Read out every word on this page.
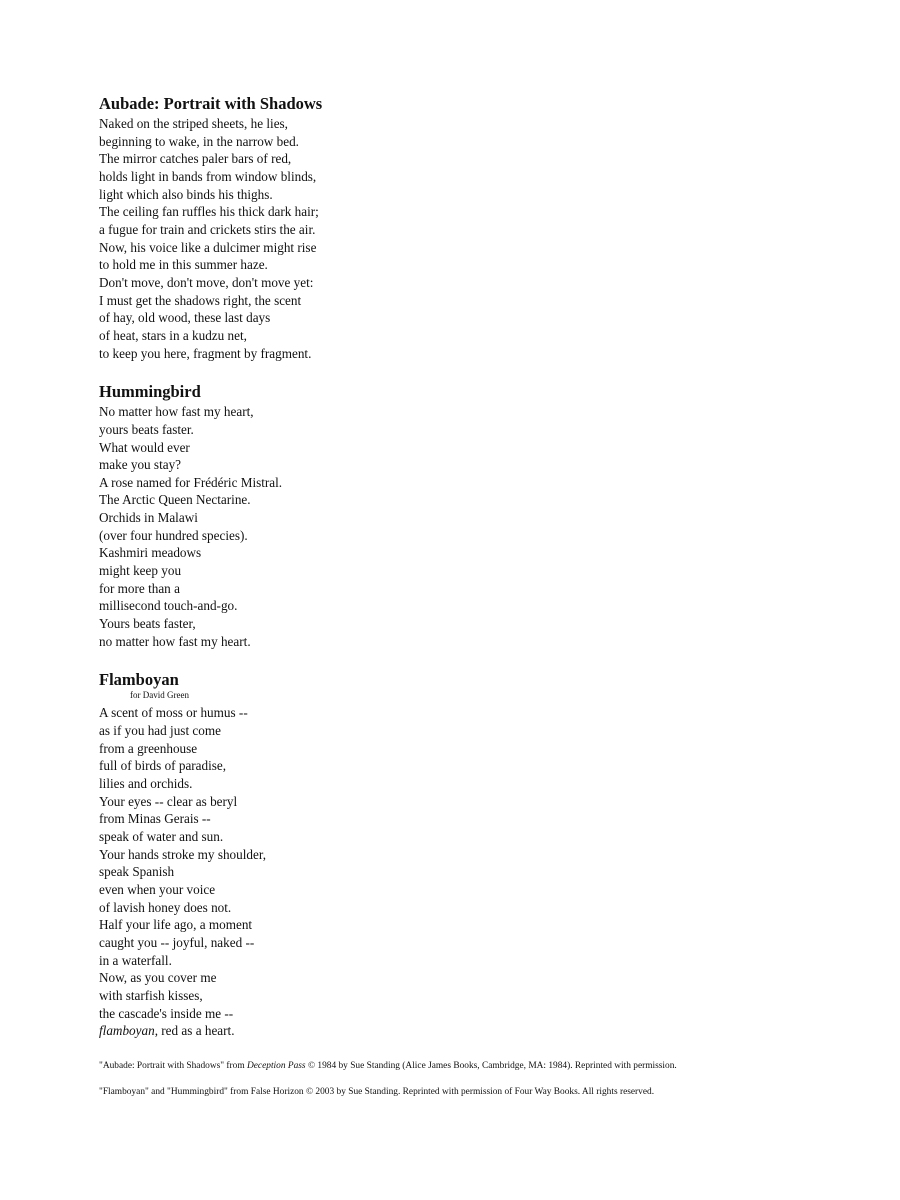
Aubade: Portrait with Shadows
Naked on the striped sheets, he lies,
beginning to wake, in the narrow bed.
The mirror catches paler bars of red,
holds light in bands from window blinds,
light which also binds his thighs.
The ceiling fan ruffles his thick dark hair;
a fugue for train and crickets stirs the air.
Now, his voice like a dulcimer might rise
to hold me in this summer haze.
Don't move, don't move, don't move yet:
I must get the shadows right, the scent
of hay, old wood, these last days
of heat, stars in a kudzu net,
to keep you here, fragment by fragment.
Hummingbird
No matter how fast my heart,
yours beats faster.
What would ever
make you stay?
A rose named for Frédéric Mistral.
The Arctic Queen Nectarine.
Orchids in Malawi
(over four hundred species).
Kashmiri meadows
might keep you
for more than a
millisecond touch-and-go.
Yours beats faster,
no matter how fast my heart.
Flamboyan
for David Green
A scent of moss or humus --
as if you had just come
from a greenhouse
full of birds of paradise,
lilies and orchids.
Your eyes -- clear as beryl
from Minas Gerais --
speak of water and sun.
Your hands stroke my shoulder,
speak Spanish
even when your voice
of lavish honey does not.
Half your life ago, a moment
caught you -- joyful, naked --
in a waterfall.
Now, as you cover me
with starfish kisses,
the cascade's inside me --
flamboyan, red as a heart.
"Aubade: Portrait with Shadows" from Deception Pass © 1984 by Sue Standing (Alice James Books, Cambridge, MA: 1984). Reprinted with permission.
"Flamboyan" and "Hummingbird" from False Horizon © 2003 by Sue Standing. Reprinted with permission of Four Way Books. All rights reserved.
